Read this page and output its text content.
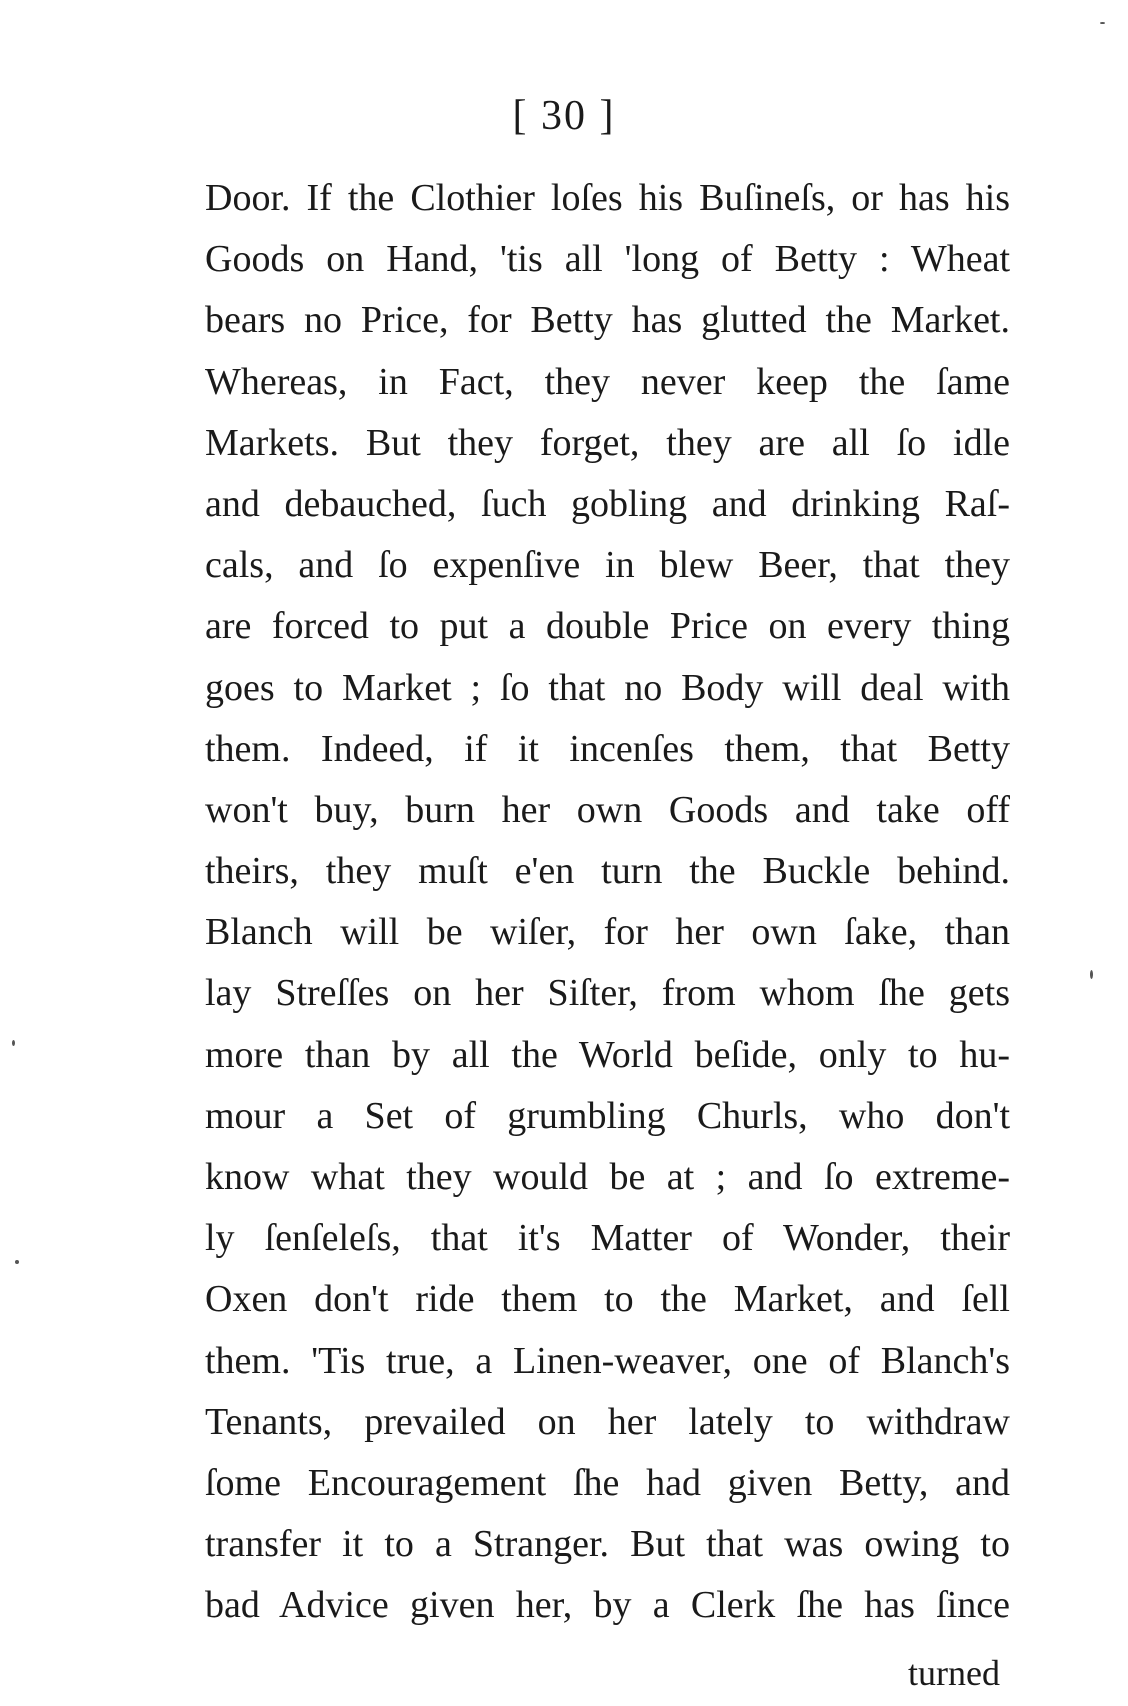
[ 30 ]
Door. If the Clothier loſes his Buſineſs, or has his
Goods on Hand, 'tis all 'long of Betty : Wheat
bears no Price, for Betty has glutted the Market.
Whereas, in Fact, they never keep the ſame
Markets. But they forget, they are all ſo idle
and debauched, ſuch gobling and drinking Raſ-
cals, and ſo expenſive in blew Beer, that they
are forced to put a double Price on every thing
goes to Market ; ſo that no Body will deal with
them. Indeed, if it incenſes them, that Betty
won't buy, burn her own Goods and take off
theirs, they muſt e'en turn the Buckle behind.
Blanch will be wiſer, for her own ſake, than
lay Streſſes on her Siſter, from whom ſhe gets
more than by all the World beſide, only to hu-
mour a Set of grumbling Churls, who don't
know what they would be at ; and ſo extreme-
ly ſenſeleſs, that it's Matter of Wonder, their
Oxen don't ride them to the Market, and ſell
them. 'Tis true, a Linen-weaver, one of Blanch's
Tenants, prevailed on her lately to withdraw
ſome Encouragement ſhe had given Betty, and
transfer it to a Stranger. But that was owing to
bad Advice given her, by a Clerk ſhe has ſince
turned
